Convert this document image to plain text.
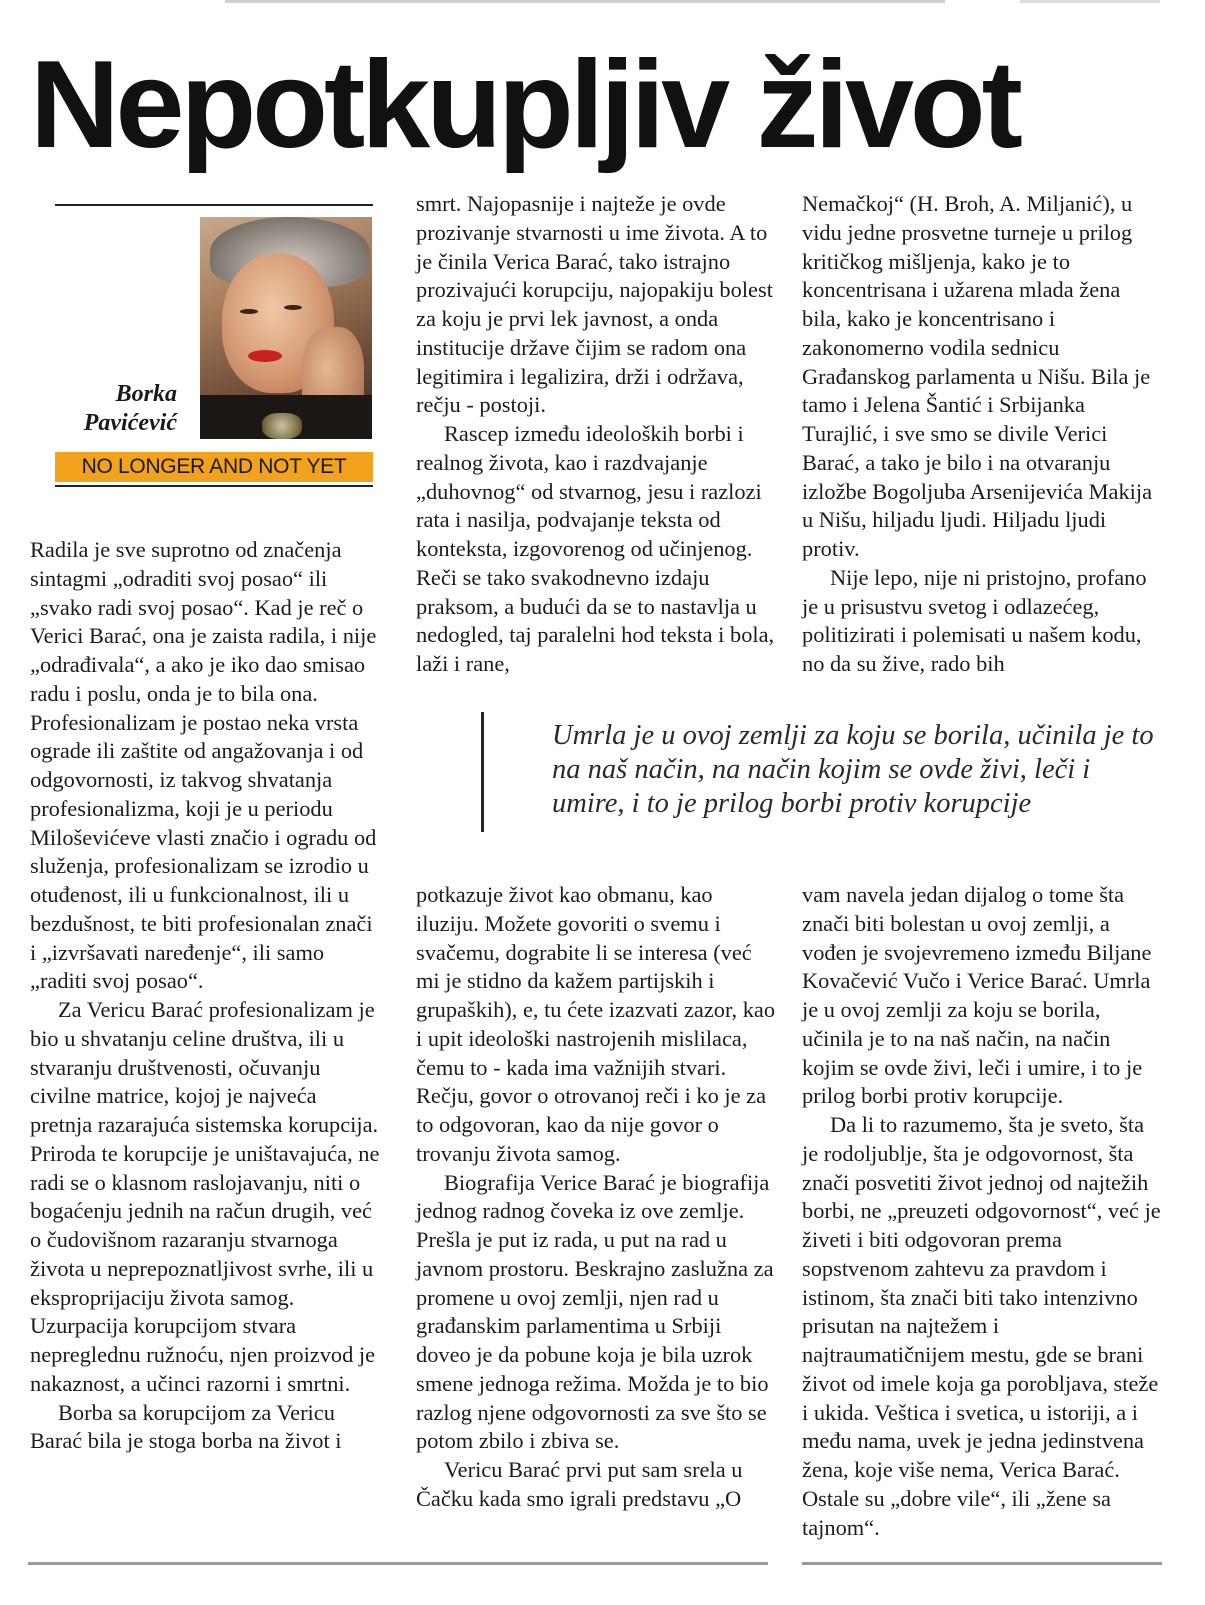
Nepotkupljiv život
Borka
Pavićević
NO LONGER AND NOT YET

Radila je sve suprotno od značenja sintagmi „odraditi svoj posao“ ili „svako radi svoj posao“. Kad je reč o Verici Barać, ona je zaista radila, i nije „odrađivala“, a ako je iko dao smisao radu i poslu, onda je to bila ona. Profesionalizam je postao neka vrsta ograde ili zaštite od angažovanja i od odgovornosti, iz takvog shvatanja profesionalizma, koji je u periodu Miloševićeve vlasti značio i ogradu od služenja, profesionalizam se izrodio u otuđenost, ili u funkcionalnost, ili u bezdušnost, te biti profesionalan znači i „izvršavati naređenje“, ili samo „raditi svoj posao“.

Za Vericu Barać profesionalizam je bio u shvatanju celine društva, ili u stvaranju društvenosti, očuvanju civilne matrice, kojoj je najveća pretnja razarajuća sistemska korupcija. Priroda te korupcije je uništavajuća, ne radi se o klasnom raslojavanju, niti o bogaćenju jednih na račun drugih, već o čudovišnom razaranju stvarnoga života u neprepoznatljivost svrhe, ili u eksproprijaciju života samog. Uzurpacija korupcijom stvara nepreglednu ružnoću, njen proizvod je nakaznost, a učinci razorni i smrtni.

Borba sa korupcijom za Vericu Barać bila je stoga borba na život i

smrt. Najopasnije i najteže je ovde prozivanje stvarnosti u ime života. A to je činila Verica Barać, tako istrajno prozivajući korupciju, najopakiju bolest za koju je prvi lek javnost, a onda institucije države čijim se radom ona legitimira i legalizira, drži i održava, rečju - postoji.

Rascep između ideoloških borbi i realnog života, kao i razdvajanje „duhovnog“ od stvarnog, jesu i razlozi rata i nasilja, podvajanje teksta od konteksta, izgovorenog od učinjenog. Reči se tako svakodnevno izdaju praksom, a budući da se to nastavlja u nedogled, taj paralelni hod teksta i bola, laži i rane,

Nemačkoj“ (H. Broh, A. Miljanić), u vidu jedne prosvetne turneje u prilog kritičkog mišljenja, kako je to koncentrisana i užarena mlada žena bila, kako je koncentrisano i zakonomerno vodila sednicu Građanskog parlamenta u Nišu. Bila je tamo i Jelena Šantić i Srbijanka Turajlić, i sve smo se divile Verici Barać, a tako je bilo i na otvaranju izložbe Bogoljuba Arsenijevića Makija u Nišu, hiljadu ljudi. Hiljadu ljudi protiv.

Nije lepo, nije ni pristojno, profano je u prisustvu svetog i odlazećeg, politizirati i polemisati u našem kodu, no da su žive, rado bih

Umrla je u ovoj zemlji za koju se borila, učinila je to na naš način, na način kojim se ovde živi, leči i umire, i to je prilog borbi protiv korupcije

potkazuje život kao obmanu, kao iluziju. Možete govoriti o svemu i svačemu, dograbite li se interesa (već mi je stidno da kažem partijskih i grupaških), e, tu ćete izazvati zazor, kao i upit ideološki nastrojenih mislilaca, čemu to - kada ima važnijih stvari. Rečju, govor o otrovanoj reči i ko je za to odgovoran, kao da nije govor o trovanju života samog.

Biografija Verice Barać je biografija jednog radnog čoveka iz ove zemlje. Prešla je put iz rada, u put na rad u javnom prostoru. Beskrajno zaslužna za promene u ovoj zemlji, njen rad u građanskim parlamentima u Srbiji doveo je da pobune koja je bila uzrok smene jednoga režima. Možda je to bio razlog njene odgovornosti za sve što se potom zbilo i zbiva se.

Vericu Barać prvi put sam srela u Čačku kada smo igrali predstavu „O

vam navela jedan dijalog o tome šta znači biti bolestan u ovoj zemlji, a vođen je svojevremeno između Biljane Kovačević Vučo i Verice Barać. Umrla je u ovoj zemlji za koju se borila, učinila je to na naš način, na način kojim se ovde živi, leči i umire, i to je prilog borbi protiv korupcije.

Da li to razumemo, šta je sveto, šta je rodoljublje, šta je odgovornost, šta znači posvetiti život jednoj od najtežih borbi, ne „preuzeti odgovornost“, već je živeti i biti odgovoran prema sopstvenom zahtevu za pravdom i istinom, šta znači biti tako intenzivno prisutan na najtežem i najtraumatičnijem mestu, gde se brani život od imele koja ga porobljava, steže i ukida. Veštica i svetica, u istoriji, a i među nama, uvek je jedna jedinstvena žena, koje više nema, Verica Barać. Ostale su „dobre vile“, ili „žene sa tajnom“.
